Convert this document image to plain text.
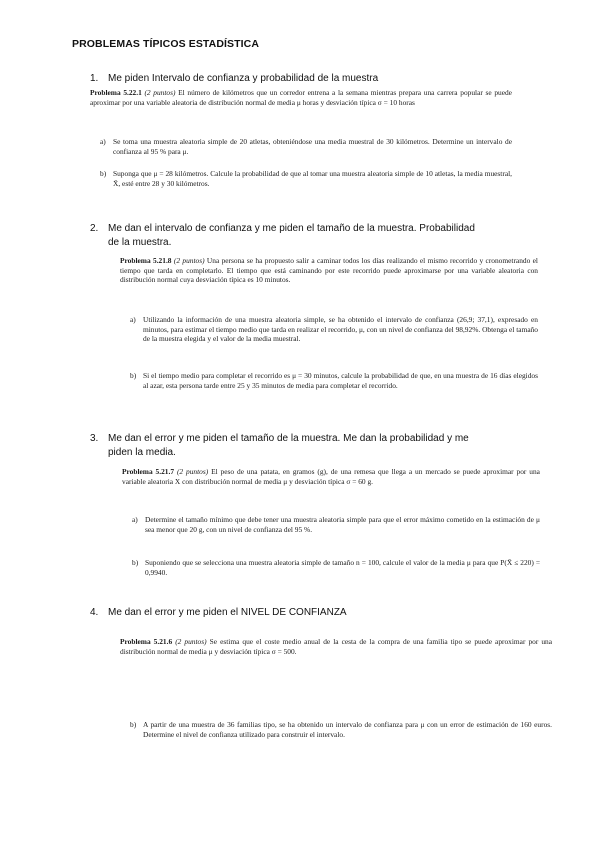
PROBLEMAS TÍPICOS ESTADÍSTICA
1. Me piden Intervalo de confianza y probabilidad de la muestra
Problema 5.22.1 (2 puntos) El número de kilómetros que un corredor entrena a la semana mientras prepara una carrera popular se puede aproximar por una variable aleatoria de distribución normal de media μ horas y desviación típica σ = 10 horas
a) Se toma una muestra aleatoria simple de 20 atletas, obteniéndose una media muestral de 30 kilómetros. Determine un intervalo de confianza al 95 % para μ.
b) Suponga que μ = 28 kilómetros. Calcule la probabilidad de que al tomar una muestra aleatoria simple de 10 atletas, la media muestral, X̄, esté entre 28 y 30 kilómetros.
2. Me dan el intervalo de confianza y me piden el tamaño de la muestra. Probabilidad
de la muestra.
Problema 5.21.8 (2 puntos) Una persona se ha propuesto salir a caminar todos los días realizando el mismo recorrido y cronometrando el tiempo que tarda en completarlo. El tiempo que está caminando por este recorrido puede aproximarse por una variable aleatoria con distribución normal cuya desviación típica es 10 minutos.
a) Utilizando la información de una muestra aleatoria simple, se ha obtenido el intervalo de confianza (26,9; 37,1), expresado en minutos, para estimar el tiempo medio que tarda en realizar el recorrido, μ, con un nivel de confianza del 98,92%. Obtenga el tamaño de la muestra elegida y el valor de la media muestral.
b) Si el tiempo medio para completar el recorrido es μ = 30 minutos, calcule la probabilidad de que, en una muestra de 16 días elegidos al azar, esta persona tarde entre 25 y 35 minutos de media para completar el recorrido.
3. Me dan el error y me piden el tamaño de la muestra. Me dan la probabilidad y me
piden la media.
Problema 5.21.7 (2 puntos) El peso de una patata, en gramos (g), de una remesa que llega a un mercado se puede aproximar por una variable aleatoria X con distribución normal de media μ y desviación típica σ = 60 g.
a) Determine el tamaño mínimo que debe tener una muestra aleatoria simple para que el error máximo cometido en la estimación de μ sea menor que 20 g, con un nivel de confianza del 95 %.
b) Suponiendo que se selecciona una muestra aleatoria simple de tamaño n = 100, calcule el valor de la media μ para que P(X̄ ≤ 220) = 0,9940.
4. Me dan el error y me piden el NIVEL DE CONFIANZA
Problema 5.21.6 (2 puntos) Se estima que el coste medio anual de la cesta de la compra de una familia tipo se puede aproximar por una distribución normal de media μ y desviación típica σ = 500.
b) A partir de una muestra de 36 familias tipo, se ha obtenido un intervalo de confianza para μ con un error de estimación de 160 euros. Determine el nivel de confianza utilizado para construir el intervalo.
